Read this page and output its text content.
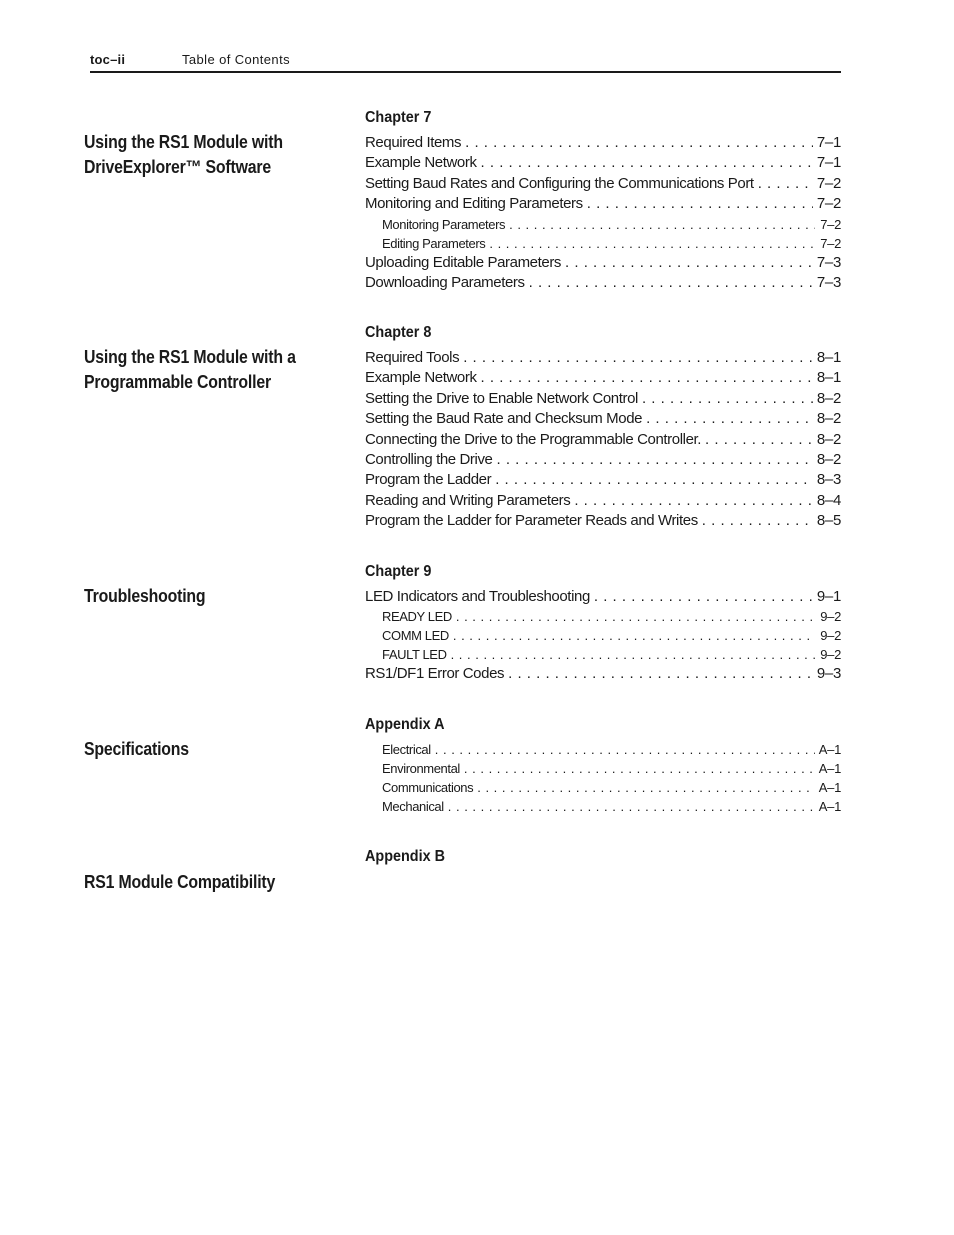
toc–ii	Table of Contents
Chapter 7
Using the RS1 Module with
DriveExplorer™ Software
Required Items . . .	7–1
Example Network . . .	7–1
Setting Baud Rates and Configuring the Communications Port . . .	7–2
Monitoring and Editing Parameters . . .	7–2
Monitoring Parameters . . .	7–2
Editing Parameters . . .	7–2
Uploading Editable Parameters . . .	7–3
Downloading Parameters . . .	7–3
Chapter 8
Using the RS1 Module with a
Programmable Controller
Required Tools . . .	8–1
Example Network . . .	8–1
Setting the Drive to Enable Network Control . . .	8–2
Setting the Baud Rate and Checksum Mode . . .	8–2
Connecting the Drive to the Programmable Controller. . . .	8–2
Controlling the Drive . . .	8–2
Program the Ladder . . .	8–3
Reading and Writing Parameters . . .	8–4
Program the Ladder for Parameter Reads and Writes . . .	8–5
Chapter 9
Troubleshooting	LED Indicators and Troubleshooting . . .	9–1
READY LED . . .	9–2
COMM LED . . .	9–2
FAULT LED . . .	9–2
RS1/DF1 Error Codes . . .	9–3
Appendix A
Specifications	Electrical . . .	A–1
Environmental . . .	A–1
Communications . . .	A–1
Mechanical . . .	A–1
Appendix B
RS1 Module Compatibility
